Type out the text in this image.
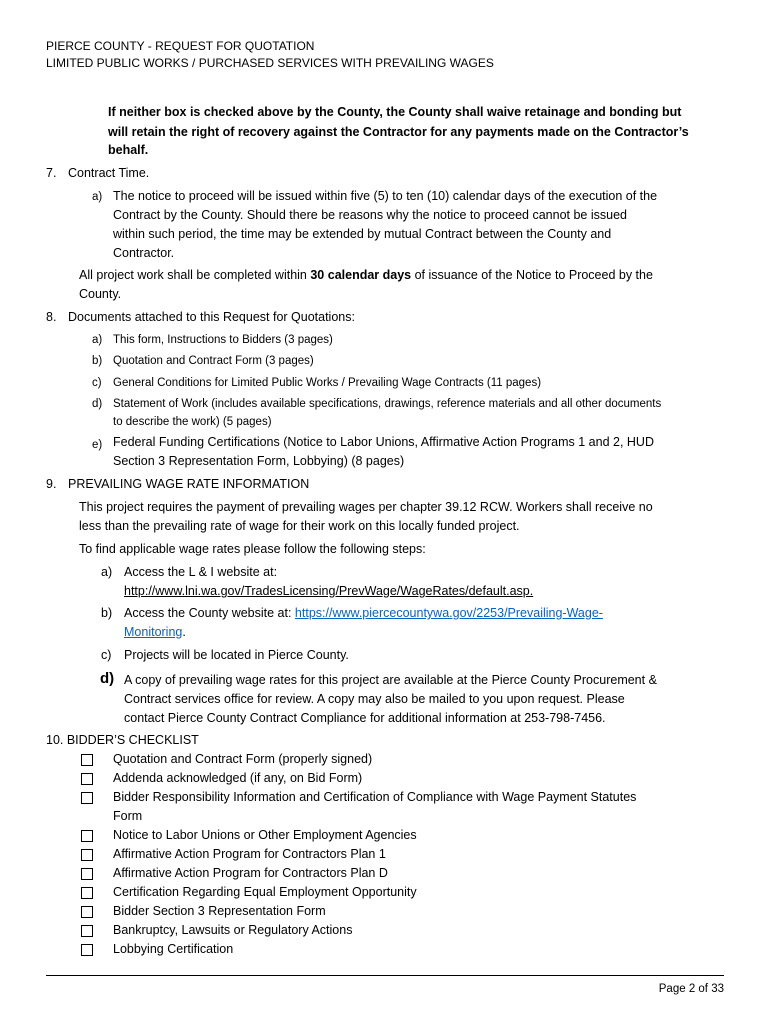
PIERCE COUNTY - REQUEST FOR QUOTATION
LIMITED PUBLIC WORKS / PURCHASED SERVICES WITH PREVAILING WAGES
If neither box is checked above by the County, the County shall waive retainage and bonding but
will retain the right of recovery against the Contractor for any payments made on the Contractor’s
behalf.
7. Contract Time.
a) The notice to proceed will be issued within five (5) to ten (10) calendar days of the execution of the
Contract by the County. Should there be reasons why the notice to proceed cannot be issued
within such period, the time may be extended by mutual Contract between the County and
Contractor.
All project work shall be completed within 30 calendar days of issuance of the Notice to Proceed by the
County.
8. Documents attached to this Request for Quotations:
a) This form, Instructions to Bidders (3 pages)
b) Quotation and Contract Form (3 pages)
c) General Conditions for Limited Public Works / Prevailing Wage Contracts (11 pages)
d) Statement of Work (includes available specifications, drawings, reference materials and all other documents
to describe the work) (5 pages)
e) Federal Funding Certifications (Notice to Labor Unions, Affirmative Action Programs 1 and 2, HUD
Section 3 Representation Form, Lobbying) (8 pages)
9. PREVAILING WAGE RATE INFORMATION
This project requires the payment of prevailing wages per chapter 39.12 RCW. Workers shall receive no
less than the prevailing rate of wage for their work on this locally funded project.
To find applicable wage rates please follow the following steps:
a) Access the L & I website at:
http://www.lni.wa.gov/TradesLicensing/PrevWage/WageRates/default.asp.
b) Access the County website at: https://www.piercecountywa.gov/2253/Prevailing-Wage-
Monitoring.
c) Projects will be located in Pierce County.
d) A copy of prevailing wage rates for this project are available at the Pierce County Procurement &
Contract services office for review. A copy may also be mailed to you upon request. Please
contact Pierce County Contract Compliance for additional information at 253-798-7456.
10. BIDDER’S CHECKLIST
Quotation and Contract Form (properly signed)
Addenda acknowledged (if any, on Bid Form)
Bidder Responsibility Information and Certification of Compliance with Wage Payment Statutes
Form
Notice to Labor Unions or Other Employment Agencies
Affirmative Action Program for Contractors Plan 1
Affirmative Action Program for Contractors Plan D
Certification Regarding Equal Employment Opportunity
Bidder Section 3 Representation Form
Bankruptcy, Lawsuits or Regulatory Actions
Lobbying Certification
Page 2 of 33
